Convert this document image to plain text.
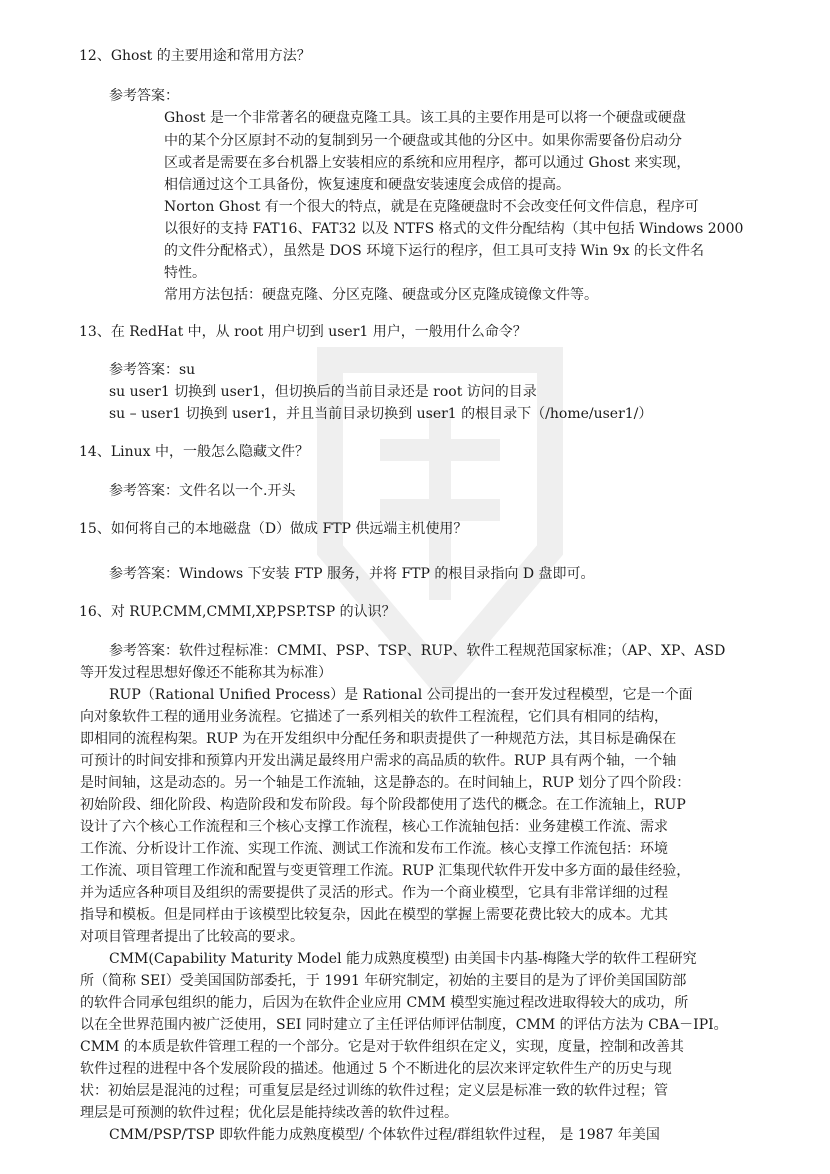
12、Ghost 的主要用途和常用方法？

参考答案：

Ghost 是一个非常著名的硬盘克隆工具。该工具的主要作用是可以将一个硬盘或硬盘

中的某个分区原封不动的复制到另一个硬盘或其他的分区中。如果你需要备份启动分

区或者是需要在多台机器上安装相应的系统和应用程序，都可以通过 Ghost 来实现，

相信通过这个工具备份，恢复速度和硬盘安装速度会成倍的提高。

Norton Ghost 有一个很大的特点，就是在克隆硬盘时不会改变任何文件信息，程序可

以很好的支持 FAT16、FAT32 以及 NTFS 格式的文件分配结构（其中包括 Windows 2000

的文件分配格式），虽然是 DOS 环境下运行的程序，但工具可支持 Win 9x 的长文件名

特性。

常用方法包括：硬盘克隆、分区克隆、硬盘或分区克隆成镜像文件等。

13、在 RedHat 中，从 root 用户切到 user1 用户，一般用什么命令？

参考答案：su

su user1 切换到 user1，但切换后的当前目录还是 root 访问的目录

su – user1 切换到 user1，并且当前目录切换到 user1 的根目录下（/home/user1/）

14、Linux 中，一般怎么隐藏文件？

参考答案：文件名以一个.开头

15、如何将自己的本地磁盘（D）做成 FTP 供远端主机使用？

参考答案：Windows 下安装 FTP 服务，并将 FTP 的根目录指向 D 盘即可。

16、对 RUP.CMM,CMMI,XP,PSP.TSP 的认识？

参考答案：软件过程标准：CMMI、PSP、TSP、RUP、软件工程规范国家标准；（AP、XP、ASD

等开发过程思想好像还不能称其为标准）

RUP（Rational Unified Process）是 Rational 公司提出的一套开发过程模型，它是一个面

向对象软件工程的通用业务流程。它描述了一系列相关的软件工程流程，它们具有相同的结构，

即相同的流程构架。RUP 为在开发组织中分配任务和职责提供了一种规范方法，其目标是确保在

可预计的时间安排和预算内开发出满足最终用户需求的高品质的软件。RUP 具有两个轴，一个轴

是时间轴，这是动态的。另一个轴是工作流轴，这是静态的。在时间轴上，RUP 划分了四个阶段：

初始阶段、细化阶段、构造阶段和发布阶段。每个阶段都使用了迭代的概念。在工作流轴上，RUP

设计了六个核心工作流程和三个核心支撑工作流程，核心工作流轴包括：业务建模工作流、需求

工作流、分析设计工作流、实现工作流、测试工作流和发布工作流。核心支撑工作流包括：环境

工作流、项目管理工作流和配置与变更管理工作流。RUP 汇集现代软件开发中多方面的最佳经验，

并为适应各种项目及组织的需要提供了灵活的形式。作为一个商业模型，它具有非常详细的过程

指导和模板。但是同样由于该模型比较复杂，因此在模型的掌握上需要花费比较大的成本。尤其

对项目管理者提出了比较高的要求。

CMM(Capability Maturity Model 能力成熟度模型) 由美国卡内基-梅隆大学的软件工程研究

所（简称 SEI）受美国国防部委托，于 1991 年研究制定，初始的主要目的是为了评价美国国防部

的软件合同承包组织的能力，后因为在软件企业应用 CMM 模型实施过程改进取得较大的成功，所

以在全世界范围内被广泛使用，SEI 同时建立了主任评估师评估制度，CMM 的评估方法为 CBA－IPI。

CMM 的本质是软件管理工程的一个部分。它是对于软件组织在定义，实现，度量，控制和改善其

软件过程的进程中各个发展阶段的描述。他通过 5 个不断进化的层次来评定软件生产的历史与现

状：初始层是混沌的过程；可重复层是经过训练的软件过程；定义层是标准一致的软件过程；管

理层是可预测的软件过程；优化层是能持续改善的软件过程。

CMM/PSP/TSP 即软件能力成熟度模型/ 个体软件过程/群组软件过程， 是 1987 年美国
